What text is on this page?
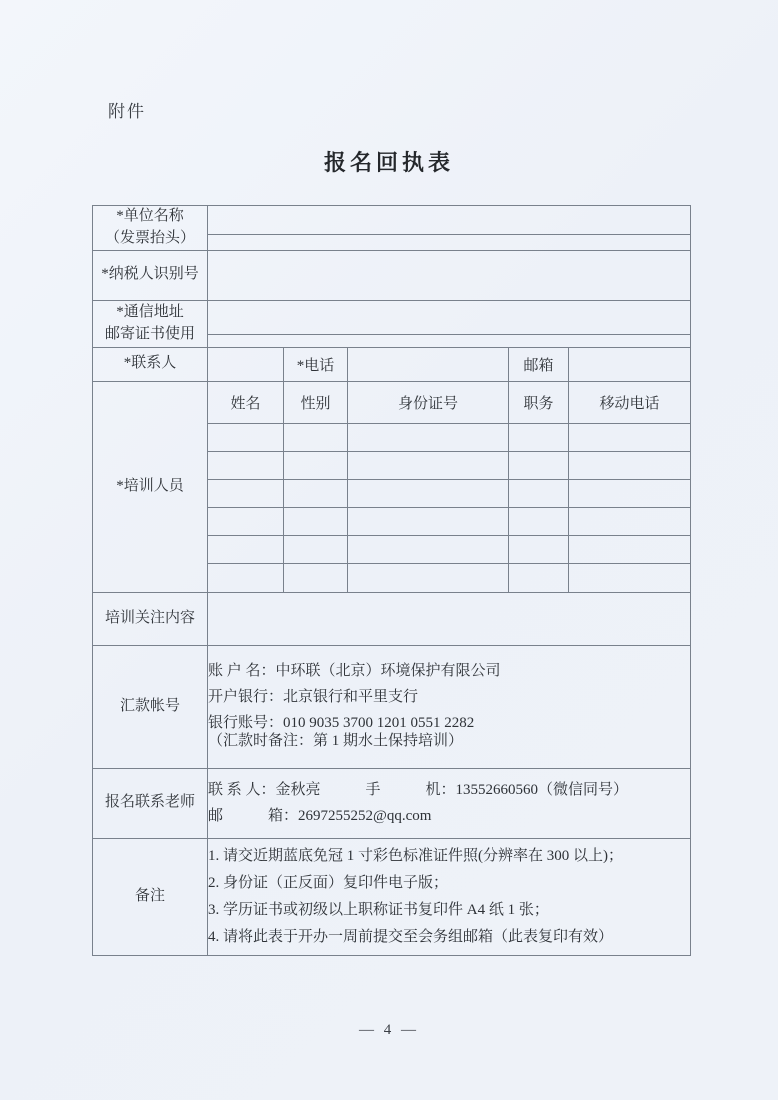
附件
报名回执表
*单位名称
（发票抬头）					

*纳税人识别号					

*通信地址
邮寄证书使用					

*联系人		*电话		邮箱	
*培训人员	姓名	性别	身份证号	职务	移动电话

培训关注内容					
汇款帐号	账 户 名：中环联（北京）环境保护有限公司
开户银行：北京银行和平里支行
银行账号：010 9035 3700 1201 0551 2282
（汇款时备注：第 1 期水土保持培训）				

报名联系老师	联 系 人：金秋亮　　　手　　　机：13552660560（微信同号）
邮　　　箱：2697255252@qq.com				

备注	1. 请交近期蓝底免冠 1 寸彩色标准证件照(分辨率在 300 以上)；
2. 身份证（正反面）复印件电子版；
3. 学历证书或初级以上职称证书复印件 A4 纸 1 张；
4. 请将此表于开办一周前提交至会务组邮箱（此表复印有效）				
— 4 —
